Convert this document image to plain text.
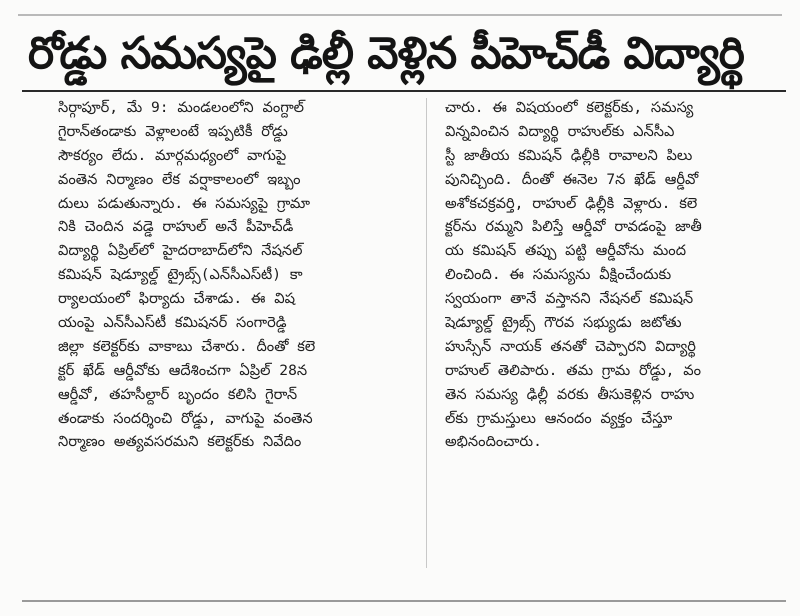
రోడ్డు సమస్యపై ఢిల్లీ వెళ్లిన పీహెచ్‌డీ విద్యార్థి
సిర్గాపూర్, మే 9: మండలంలోని వంగ్దాల్
గైరాన్‌తండాకు వెళ్లాలంటే ఇప్పటికీ రోడ్డు
సౌకర్యం లేదు. మార్గమధ్యంలో వాగుపై
వంతెన నిర్మాణం లేక వర్షాకాలంలో ఇబ్బం
దులు పడుతున్నారు. ఈ సమస్యపై గ్రామా
నికి చెందిన వడ్డె రాహుల్ అనే పీహెచ్‌డీ
విద్యార్థి ఏప్రిల్‌లో హైదరాబాద్‌లోని నేషనల్
కమిషన్ షెడ్యూల్డ్ ట్రైబ్స్(ఎన్‌సీఎస్‌టీ) కా
ర్యాలయంలో ఫిర్యాదు చేశాడు. ఈ విష
యంపై ఎన్‌సీఎస్‌టీ కమిషనర్ సంగారెడ్డి
జిల్లా కలెక్టర్‌కు వాకాబు చేశారు. దీంతో కలె
క్టర్ ఖేడ్ ఆర్డీవోకు ఆదేశించగా ఏప్రిల్ 28న
ఆర్డీవో, తహసీల్దార్ బృందం కలిసి గైరాన్
తండాకు సందర్శించి రోడ్డు, వాగుపై వంతెన
నిర్మాణం అత్యవసరమని కలెక్టర్‌కు నివేదిం
చారు. ఈ విషయంలో కలెక్టర్‌కు, సమస్య
విన్నవించిన విద్యార్థి రాహుల్‌కు ఎన్‌సీఎ
స్టీ జాతీయ కమిషన్ ఢిల్లీకి రావాలని పిలు
పునిచ్చింది. దీంతో ఈనెల 7న ఖేడ్ ఆర్డీవో
అశోకచక్రవర్తి, రాహుల్ ఢిల్లీకి వెళ్లారు. కలె
క్టర్‌ను రమ్మని పిలిస్తే ఆర్డీవో రావడంపై జాతీ
య కమిషన్ తప్పు పట్టి ఆర్డీవోను మంద
లించింది. ఈ సమస్యను వీక్షించేందుకు
స్వయంగా తానే వస్తానని నేషనల్ కమిషన్
షెడ్యూల్డ్ ట్రైబ్స్ గౌరవ సభ్యుడు జటోతు
హుస్సేన్ నాయక్ తనతో చెప్పారని విద్యార్థి
రాహుల్ తెలిపారు. తమ గ్రామ రోడ్డు, వం
తెన సమస్య ఢిల్లీ వరకు తీసుకెళ్లిన రాహు
ల్‌కు గ్రామస్తులు ఆనందం వ్యక్తం చేస్తూ
అభినందించారు.
